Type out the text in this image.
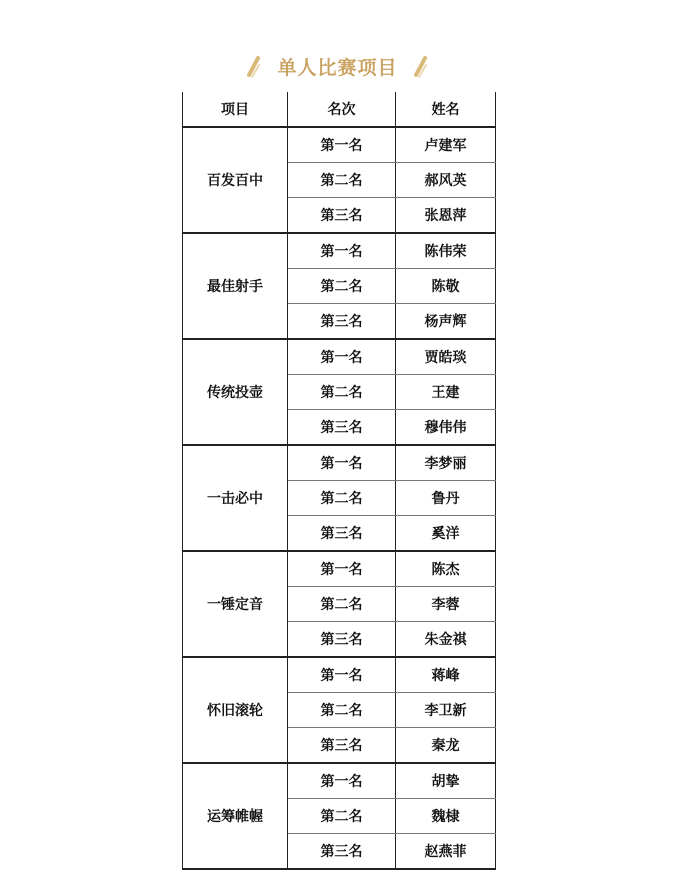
单人比赛项目
项目	名次	姓名
百发百中	第一名	卢建军
	第二名	郝风英
	第三名	张恩萍
最佳射手	第一名	陈伟荣
	第二名	陈敬
	第三名	杨声辉
传统投壶	第一名	贾皓琰
	第二名	王建
	第三名	穆伟伟
一击必中	第一名	李梦丽
	第二名	鲁丹
	第三名	奚洋
一锤定音	第一名	陈杰
	第二名	李蓉
	第三名	朱金祺
怀旧滚轮	第一名	蒋峰
	第二名	李卫新
	第三名	秦龙
运筹帷幄	第一名	胡挚
	第二名	魏棣
	第三名	赵燕菲
